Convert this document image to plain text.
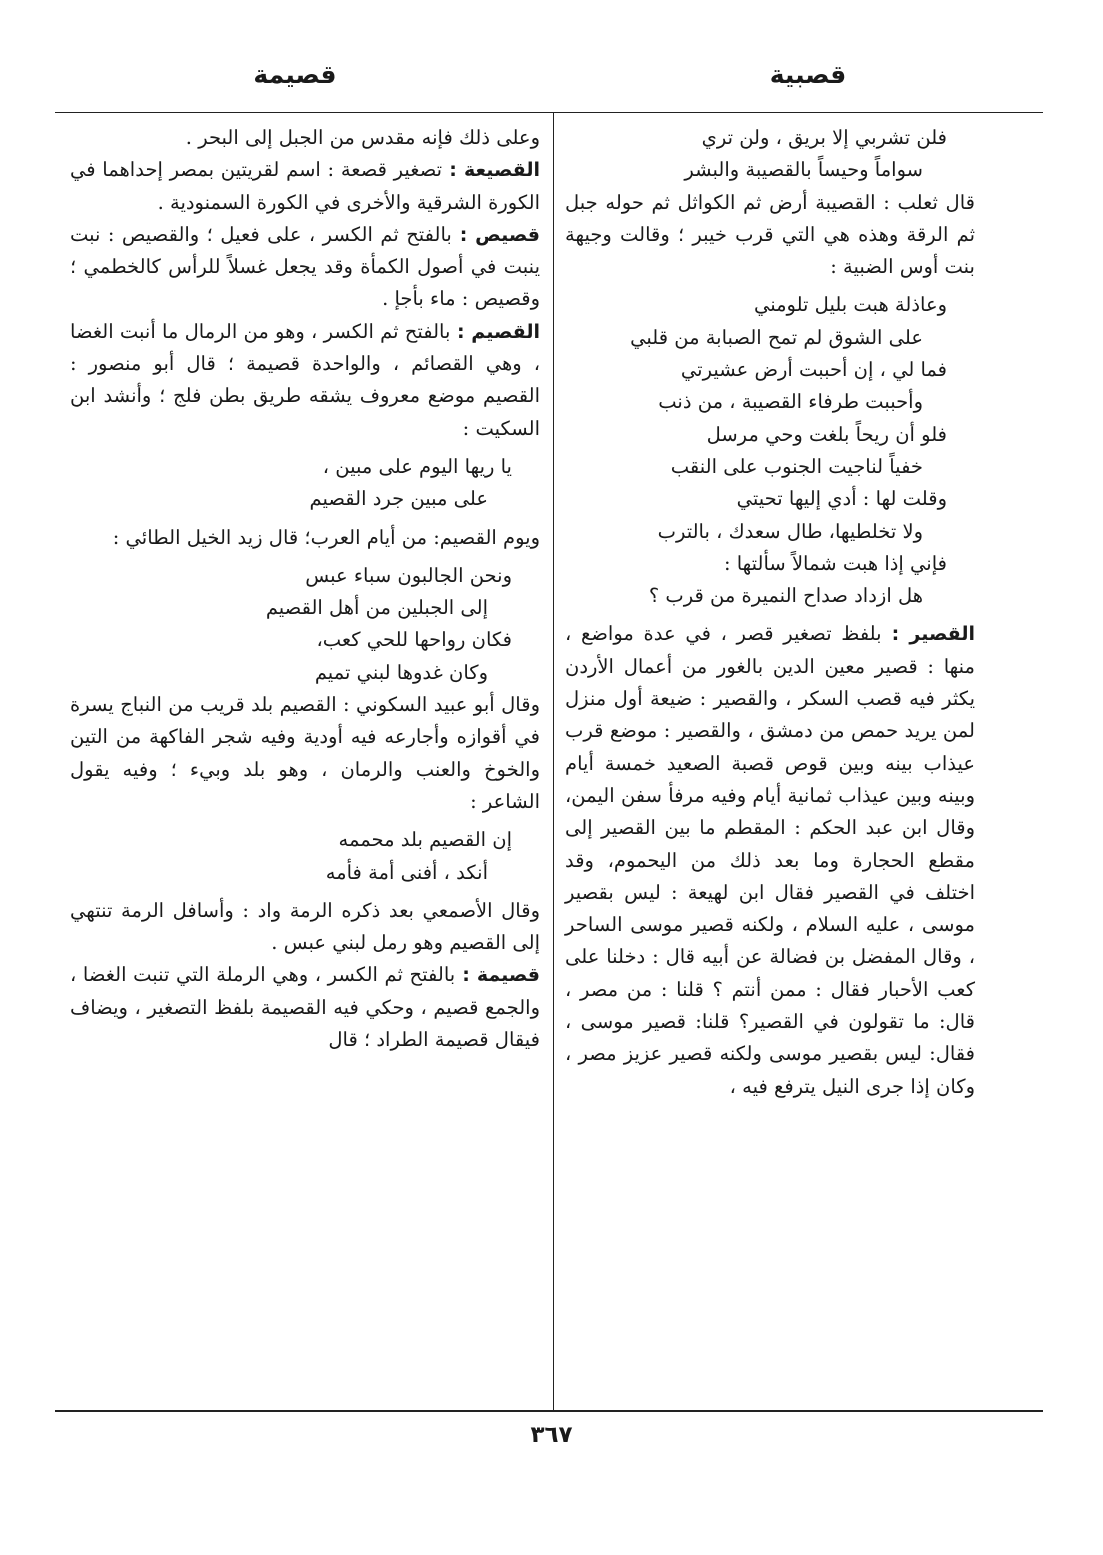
قصبية
قصيمة

فلن تشربي إلا بريق ، ولن تري

سواماً وحيساً بالقصيبة والبشر

قال ثعلب : القصيبة أرض ثم الكواثل ثم حوله جبل ثم الرقة وهذه هي التي قرب خيبر ؛ وقالت وجيهة بنت أوس الضبية :

وعاذلة هبت بليل تلومني

على الشوق لم تمح الصبابة من قلبي

فما لي ، إن أحببت أرض عشيرتي

وأحببت طرفاء القصيبة ، من ذنب

فلو أن ريحاً بلغت وحي مرسل

خفياً لناجيت الجنوب على النقب

وقلت لها : أدي إليها تحيتي

ولا تخلطيها، طال سعدك ، بالترب

فإني إذا هبت شمالاً سألتها :

هل ازداد صداح النميرة من قرب ؟

القصير : بلفظ تصغير قصر ، في عدة مواضع ، منها : قصير معين الدين بالغور من أعمال الأردن يكثر فيه قصب السكر ، والقصير : ضيعة أول منزل لمن يريد حمص من دمشق ، والقصير : موضع قرب عيذاب بينه وبين قوص قصبة الصعيد خمسة أيام وبينه وبين عيذاب ثمانية أيام وفيه مرفأ سفن اليمن، وقال ابن عبد الحكم : المقطم ما بين القصير إلى مقطع الحجارة وما بعد ذلك من اليحموم، وقد اختلف في القصير فقال ابن لهيعة : ليس بقصير موسى ، عليه السلام ، ولكنه قصير موسى الساحر ، وقال المفضل بن فضالة عن أبيه قال : دخلنا على كعب الأحبار فقال : ممن أنتم ؟ قلنا : من مصر ، قال: ما تقولون في القصير؟ قلنا: قصير موسى ، فقال: ليس بقصير موسى ولكنه قصير عزيز مصر ، وكان إذا جرى النيل يترفع فيه ،

وعلى ذلك فإنه مقدس من الجبل إلى البحر .

القصيعة : تصغير قصعة : اسم لقريتين بمصر إحداهما في الكورة الشرقية والأخرى في الكورة السمنودية .

قصيص : بالفتح ثم الكسر ، على فعيل ؛ والقصيص : نبت ينبت في أصول الكمأة وقد يجعل غسلاً للرأس كالخطمي ؛ وقصيص : ماء بأجإ .

القصيم : بالفتح ثم الكسر ، وهو من الرمال ما أنبت الغضا ، وهي القصائم ، والواحدة قصيمة ؛ قال أبو منصور : القصيم موضع معروف يشقه طريق بطن فلج ؛ وأنشد ابن السكيت :

يا ريها اليوم على مبين ،

على مبين جرد القصيم

ويوم القصيم: من أيام العرب؛ قال زيد الخيل الطائي :

ونحن الجالبون سباء عبس

إلى الجبلين من أهل القصيم

فكان رواحها للحي كعب،

وكان غدوها لبني تميم

وقال أبو عبيد السكوني : القصيم بلد قريب من النباج يسرة في أقوازه وأجارعه فيه أودية وفيه شجر الفاكهة من التين والخوخ والعنب والرمان ، وهو بلد وبيء ؛ وفيه يقول الشاعر :

إن القصيم بلد محممه

أنكد ، أفنى أمة فأمه

وقال الأصمعي بعد ذكره الرمة واد : وأسافل الرمة تنتهي إلى القصيم وهو رمل لبني عبس .

قصيمة : بالفتح ثم الكسر ، وهي الرملة التي تنبت الغضا ، والجمع قصيم ، وحكي فيه القصيمة بلفظ التصغير ، ويضاف فيقال قصيمة الطراد ؛ قال

٣٦٧
